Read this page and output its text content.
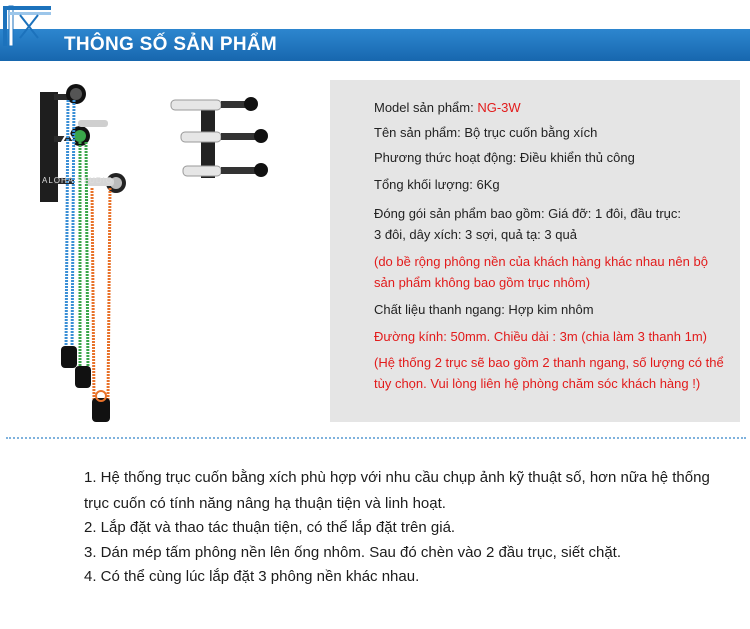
THÔNG SỐ SẢN PHẨM
ALOHA STUDIO
Model sản phẩm: NG-3W
Tên sản phẩm: Bộ trục cuốn bằng xích
Phương thức hoạt động: Điều khiển thủ công
Tổng khối lượng: 6Kg
Đóng gói sản phẩm bao gồm: Giá đỡ: 1 đôi, đầu trục:
3 đôi, dây xích: 3 sợi, quả tạ: 3 quả
(do bề rộng phông nền của khách hàng khác nhau nên bộ
sản phẩm không bao gồm trục nhôm)
Chất liệu thanh ngang: Hợp kim nhôm
Đường kính: 50mm. Chiều dài : 3m (chia làm 3 thanh 1m)
(Hệ thống 2 trục sẽ bao gồm 2 thanh ngang, số lượng có thể
tùy chọn. Vui lòng liên hệ phòng chăm sóc khách hàng !)
1. Hệ thống trục cuốn bằng xích phù hợp với nhu cầu chụp ảnh kỹ thuật số, hơn nữa hệ thống
trục cuốn có tính năng nâng hạ thuận tiện và linh hoạt.
2. Lắp đặt và thao tác thuận tiện, có thể lắp đặt trên giá.
3. Dán mép tấm phông nền lên ống nhôm. Sau đó chèn vào 2 đầu trục, siết chặt.
4. Có thể cùng lúc lắp đặt 3 phông nền khác nhau.
